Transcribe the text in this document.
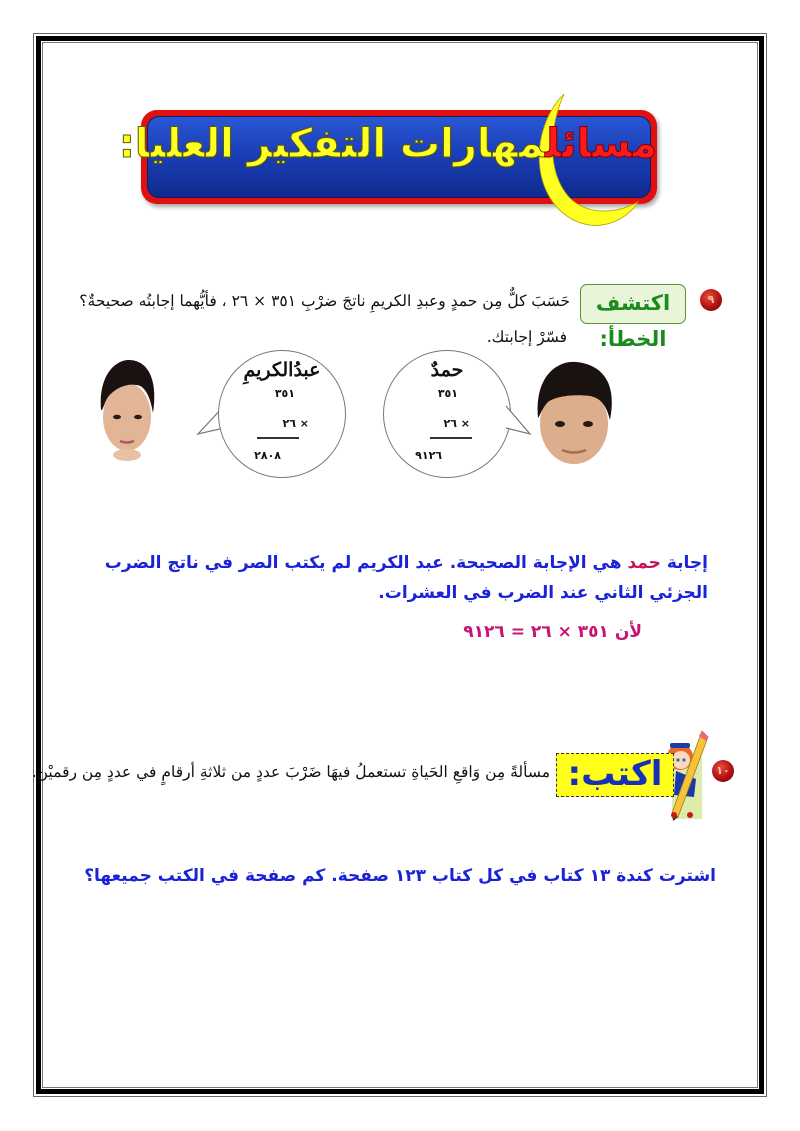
مسائلمهارات التفكير العليا:
٩
اكتشف الخطأ:
حَسَبَ كلٌّ مِن حمدٍ وعبدِ الكريمِ ناتجَ ضرْبِ ٣٥١ × ٢٦ ، فأيُّهما إجابتُه صحيحةٌ؟
فسّرْ إجابتك.
عبدُالكريمِ
٣٥١
× ٢٦
٢٨٠٨
حمدٌ
٣٥١
× ٢٦
٩١٢٦
إجابة حمد هي الإجابة الصحيحة. عبد الكريم لم يكتب الصر في ناتج الضرب
الجزئي الثاني عند الضرب في العشرات.
لأن ٣٥١ × ٢٦ = ٩١٢٦
١٠
اكتب:
مسألةً مِن وَاقعِ الحَياةِ تستعملُ فيهَا ضَرْبَ عددٍ من ثلاثةِ أرقامٍ في عددٍ مِن رقميْن.
اشترت كندة ١٣ كتاب في كل كتاب ١٢٣ صفحة. كم صفحة في الكتب جميعها؟
